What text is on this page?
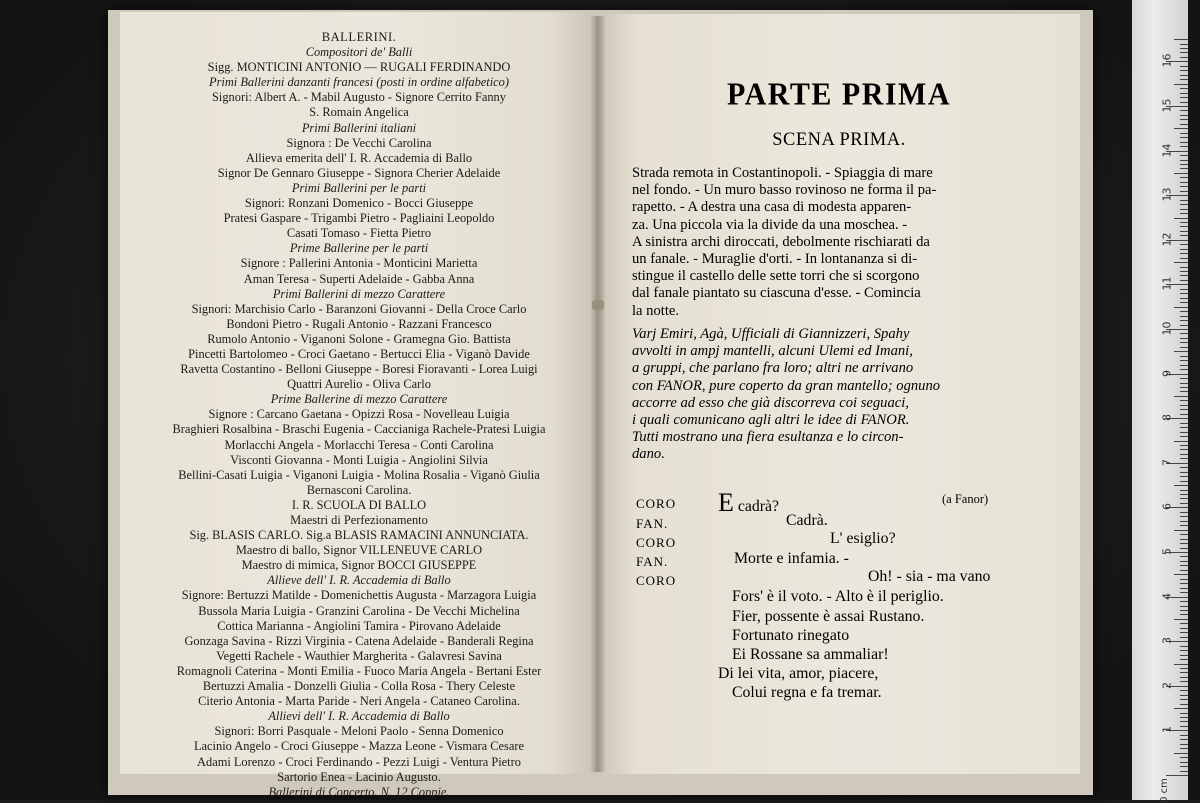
BALLERINI.
Compositori de' Balli
Sigg. MONTICINI ANTONIO — RUGALI FERDINANDO
Primi Ballerini danzanti francesi (posti in ordine alfabetico)
Signori: Albert A. - Mabil Augusto - Signore Cerrito Fanny
S. Romain Angelica
Primi Ballerini italiani
Signora : De Vecchi Carolina
Allieva emerita dell' I. R. Accademia di Ballo
Signor De Gennaro Giuseppe - Signora Cherier Adelaide
Primi Ballerini per le parti
Signori: Ronzani Domenico - Bocci Giuseppe
Pratesi Gaspare - Trigambi Pietro - Pagliaini Leopoldo
Casati Tomaso - Fietta Pietro
Prime Ballerine per le parti
Signore : Pallerini Antonia - Monticini Marietta
Aman Teresa - Superti Adelaide - Gabba Anna
Primi Ballerini di mezzo Carattere
Signori: Marchisio Carlo - Baranzoni Giovanni - Della Croce Carlo
Bondoni Pietro - Rugali Antonio - Razzani Francesco
Rumolo Antonio - Viganoni Solone - Gramegna Gio. Battista
Pincetti Bartolomeo - Croci Gaetano - Bertucci Elia - Viganò Davide
Ravetta Costantino - Belloni Giuseppe - Boresi Fioravanti - Lorea Luigi
Quattri Aurelio - Oliva Carlo
Prime Ballerine di mezzo Carattere
Signore : Carcano Gaetana - Opizzi Rosa - Novelleau Luigia
Braghieri Rosalbina - Braschi Eugenia - Caccianiga Rachele-Pratesi Luigia
Morlacchi Angela - Morlacchi Teresa - Conti Carolina
Visconti Giovanna - Monti Luigia - Angiolini Silvia
Bellini-Casati Luigia - Viganoni Luigia - Molina Rosalia - Viganò Giulia
Bernasconi Carolina.
I. R. SCUOLA DI BALLO
Maestri di Perfezionamento
Sig. BLASIS CARLO. Sig.a BLASIS RAMACINI ANNUNCIATA.
Maestro di ballo, Signor VILLENEUVE CARLO
Maestro di mimica, Signor BOCCI GIUSEPPE
Allieve dell' I. R. Accademia di Ballo
Signore: Bertuzzi Matilde - Domenichettis Augusta - Marzagora Luigia
Bussola Maria Luigia - Granzini Carolina - De Vecchi Michelina
Cottica Marianna - Angiolini Tamira - Pirovano Adelaide
Gonzaga Savina - Rizzi Virginia - Catena Adelaide - Banderali Regina
Vegetti Rachele - Wauthier Margherita - Galavresi Savina
Romagnoli Caterina - Monti Emilia - Fuoco Maria Angela - Bertani Ester
Bertuzzi Amalia - Donzelli Giulia - Colla Rosa - Thery Celeste
Citerio Antonia - Marta Paride - Neri Angela - Cataneo Carolina.
Allievi dell' I. R. Accademia di Ballo
Signori: Borri Pasquale - Meloni Paolo - Senna Domenico
Lacinio Angelo - Croci Giuseppe - Mazza Leone - Vismara Cesare
Adami Lorenzo - Croci Ferdinando - Pezzi Luigi - Ventura Pietro
Sartorio Enea - Lacinio Augusto.
Ballerini di Concerto. N. 12 Coppie.
PARTE PRIMA
SCENA PRIMA.
Strada remota in Costantinopoli. - Spiaggia di mare
nel fondo. - Un muro basso rovinoso ne forma il pa-
rapetto. - A destra una casa di modesta apparen-
za. Una piccola via la divide da una moschea. -
A sinistra archi diroccati, debolmente rischiarati da
un fanale. - Muraglie d'orti. - In lontananza si di-
stingue il castello delle sette torri che si scorgono
dal fanale piantato su ciascuna d'esse. - Comincia
la notte.
Varj Emiri, Agà, Ufficiali di Giannizzeri, Spahy
avvolti in ampj mantelli, alcuni Ulemi ed Imani,
a gruppi, che parlano fra loro; altri ne arrivano
con FANOR, pure coperto da gran mantello; ognuno
accorre ad esso che già discorreva coi seguaci,
i quali comunicano agli altri le idee di FANOR.
Tutti mostrano una fiera esultanza e lo circon-
dano.
CORO E cadrà?	(a Fanor)
FAN.	Cadrà.
CORO	L' esiglio?
FAN.	Morte e infamia. -
CORO	Oh! - sia - ma vano
Fors' è il voto. - Alto è il periglio.
Fier, possente è assai Rustano.
Fortunato rinegato
Ei Rossane sa ammaliar!
Di lei vita, amor, piacere,
Colui regna e fa tremar.
0 cm
1
2
3
4
5
6
7
8
9
10
11
12
13
14
15
16
